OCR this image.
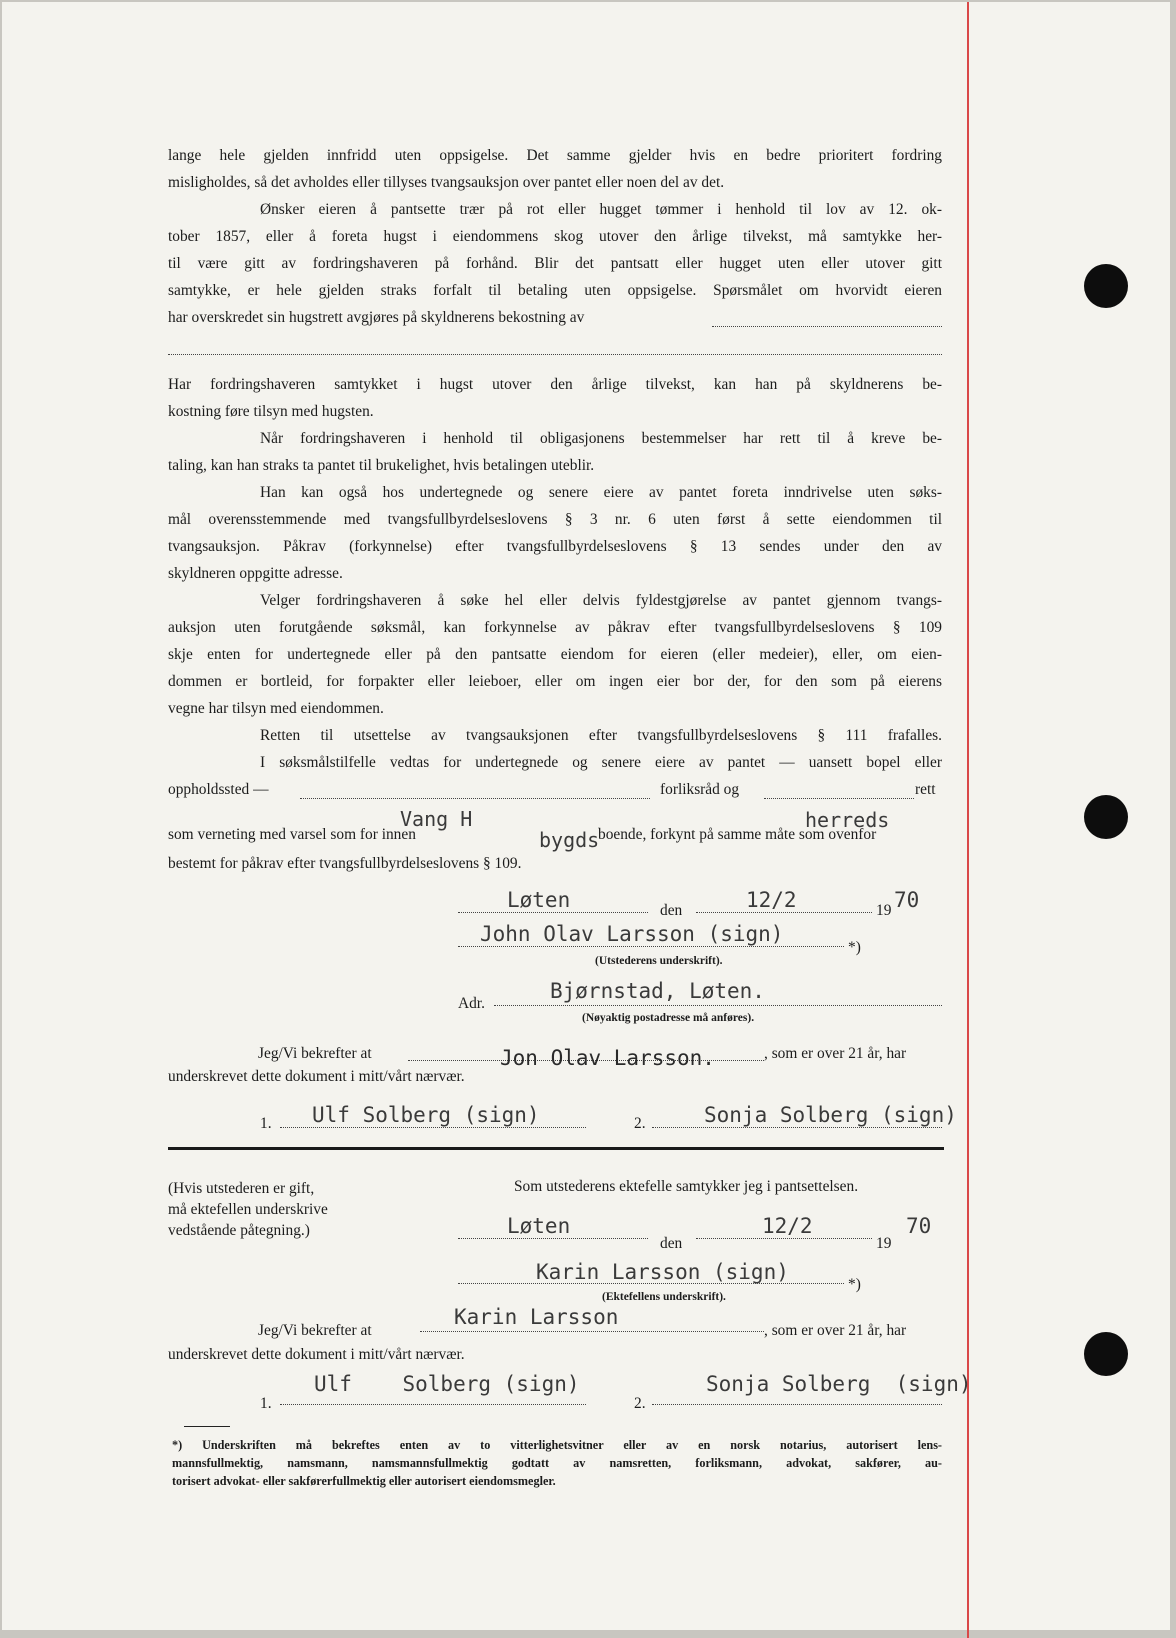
lange hele gjelden innfridd uten oppsigelse. Det samme gjelder hvis en bedre prioritert fordring
misligholdes, så det avholdes eller tillyses tvangsauksjon over pantet eller noen del av det.
Ønsker eieren å pantsette trær på rot eller hugget tømmer i henhold til lov av 12. ok-
tober 1857, eller å foreta hugst i eiendommens skog utover den årlige tilvekst, må samtykke her-
til være gitt av fordringshaveren på forhånd. Blir det pantsatt eller hugget uten eller utover gitt
samtykke, er hele gjelden straks forfalt til betaling uten oppsigelse. Spørsmålet om hvorvidt eieren
har overskredet sin hugstrett avgjøres på skyldnerens bekostning av
Har fordringshaveren samtykket i hugst utover den årlige tilvekst, kan han på skyldnerens be-
kostning føre tilsyn med hugsten.
Når fordringshaveren i henhold til obligasjonens bestemmelser har rett til å kreve be-
taling, kan han straks ta pantet til brukelighet, hvis betalingen uteblir.
Han kan også hos undertegnede og senere eiere av pantet foreta inndrivelse uten søks-
mål overensstemmende med tvangsfullbyrdelseslovens § 3 nr. 6 uten først å sette eiendommen til
tvangsauksjon. Påkrav (forkynnelse) efter tvangsfullbyrdelseslovens § 13 sendes under den av
skyldneren oppgitte adresse.
Velger fordringshaveren å søke hel eller delvis fyldestgjørelse av pantet gjennom tvangs-
auksjon uten forutgående søksmål, kan forkynnelse av påkrav efter tvangsfullbyrdelseslovens § 109
skje enten for undertegnede eller på den pantsatte eiendom for eieren (eller medeier), eller, om eien-
dommen er bortleid, for forpakter eller leieboer, eller om ingen eier bor der, for den som på eierens
vegne har tilsyn med eiendommen.
Retten til utsettelse av tvangsauksjonen efter tvangsfullbyrdelseslovens § 111 frafalles.
I søksmålstilfelle vedtas for undertegnede og senere eiere av pantet — uansett bopel eller
oppholdssted —	forliksråd og	rett
Vang H	herreds
som verneting med varsel som for innen	bygds
boende, forkynt på samme måte som ovenfor
bestemt for påkrav efter tvangsfullbyrdelseslovens § 109.
Løten	den	12/2	19 70
John Olav Larsson (sign)
*)
(Utstederens underskrift).
Adr.
Bjørnstad, Løten.
(Nøyaktig postadresse må anføres).
Jeg/Vi bekrefter at	Jon Olav Larsson.	, som er over 21 år, har
underskrevet dette dokument i mitt/vårt nærvær.
1. Ulf Solberg (sign)	2.	Sonja Solberg (sign)
(Hvis utstederen er gift,
må ektefellen underskrive
vedstående påtegning.)
Som utstederens ektefelle samtykker jeg i pantsettelsen.
Løten
den
12/2
19
70
Karin Larsson (sign)
*)
(Ektefellens underskrift).
Jeg/Vi bekrefter at
Karin Larsson
, som er over 21 år, har
underskrevet dette dokument i mitt/vårt nærvær.
1.
Ulf    Solberg (sign)
2.
Sonja Solberg  (sign)
*) Underskriften må bekreftes enten av to vitterlighetsvitner eller av en norsk notarius, autorisert lens-
mannsfullmektig, namsmann, namsmannsfullmektig godtatt av namsretten, forliksmann, advokat, sakfører, au-
torisert advokat- eller sakførerfullmektig eller autorisert eiendomsmegler.
